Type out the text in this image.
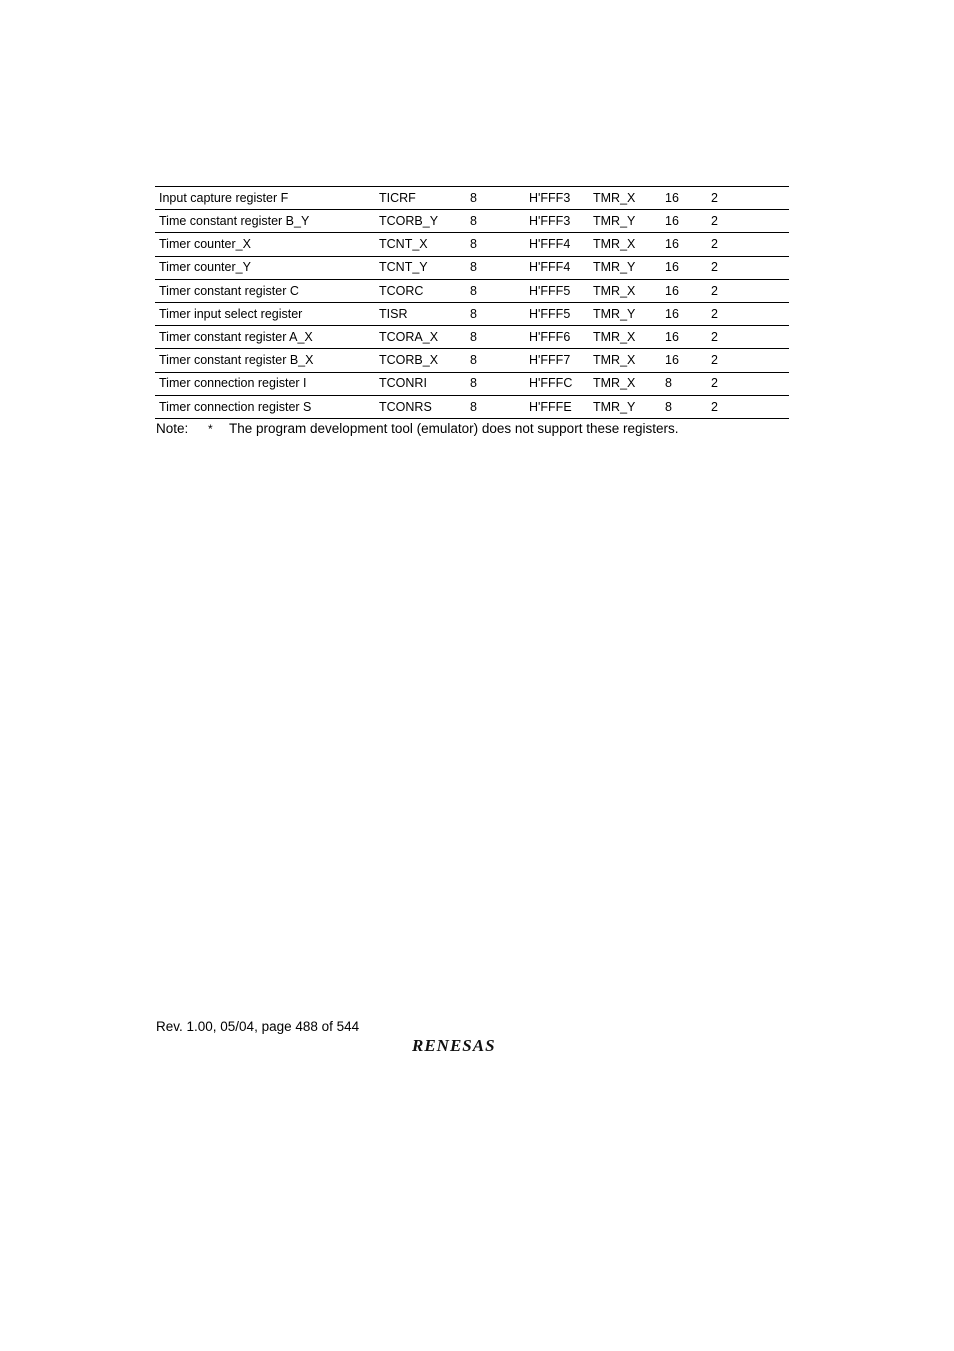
Input capture register F	TICRF	8	H'FFF3	TMR_X	16	2
Time constant register B_Y	TCORB_Y	8	H'FFF3	TMR_Y	16	2
Timer counter_X	TCNT_X	8	H'FFF4	TMR_X	16	2
Timer counter_Y	TCNT_Y	8	H'FFF4	TMR_Y	16	2
Timer constant register C	TCORC	8	H'FFF5	TMR_X	16	2
Timer input select register	TISR	8	H'FFF5	TMR_Y	16	2
Timer constant register A_X	TCORA_X	8	H'FFF6	TMR_X	16	2
Timer constant register B_X	TCORB_X	8	H'FFF7	TMR_X	16	2
Timer connection register I	TCONRI	8	H'FFFC	TMR_X	8	2
Timer connection register S	TCONRS	8	H'FFFE	TMR_Y	8	2
Note: * The program development tool (emulator) does not support these registers.
Rev. 1.00, 05/04, page 488 of 544
RENESAS
